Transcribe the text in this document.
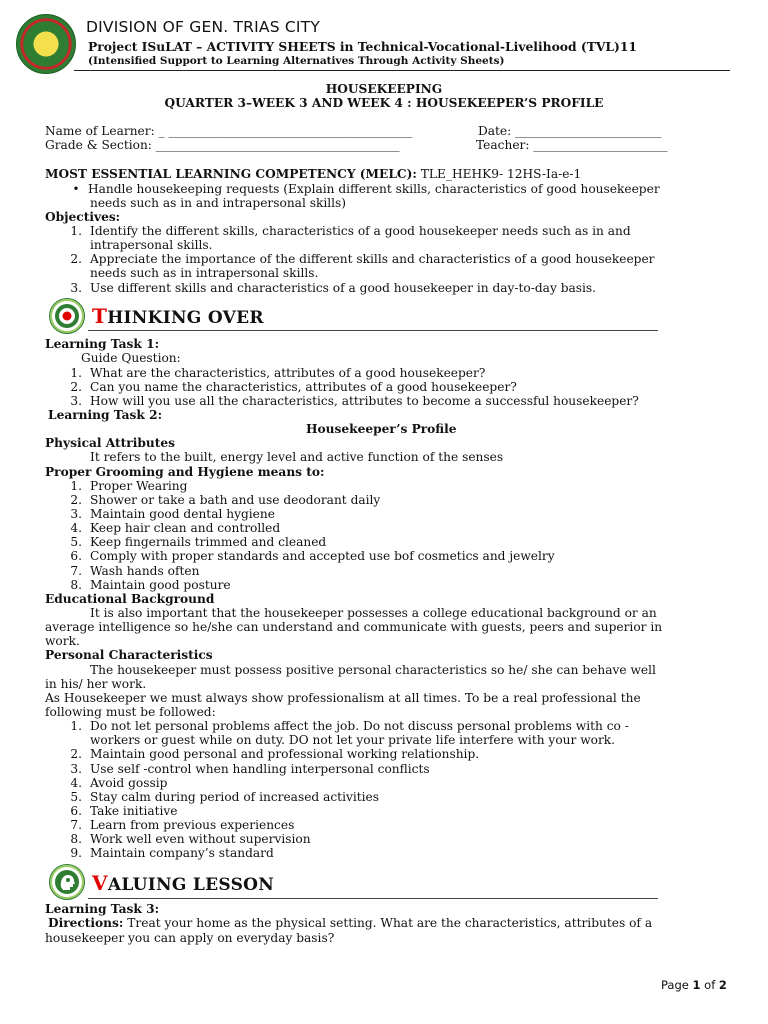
DIVISION OF GEN. TRIAS CITY
Project ISuLAT – ACTIVITY SHEETS in Technical-Vocational-Livelihood (TVL)11
(Intensified Support to Learning Alternatives Through Activity Sheets)
HOUSEKEEPING
QUARTER 3–WEEK 3 AND WEEK 4 : HOUSEKEEPER’S PROFILE
Name of Learner: _ ________________________________________	Date: ________________________
Grade & Section: ________________________________________	Teacher: ______________________
MOST ESSENTIAL LEARNING COMPETENCY (MELC): TLE_HEHK9- 12HS-Ia-e-1
• Handle housekeeping requests (Explain different skills, characteristics of good housekeeper
needs such as in and intrapersonal skills)
Objectives:
1. Identify the different skills, characteristics of a good housekeeper needs such as in and
intrapersonal skills.
2. Appreciate the importance of the different skills and characteristics of a good housekeeper
needs such as in intrapersonal skills.
3. Use different skills and characteristics of a good housekeeper in day-to-day basis.
THINKING OVER
Learning Task 1:
Guide Question:
1. What are the characteristics, attributes of a good housekeeper?
2. Can you name the characteristics, attributes of a good housekeeper?
3. How will you use all the characteristics, attributes to become a successful housekeeper?
Learning Task 2:
Housekeeper’s Profile
Physical Attributes
It refers to the built, energy level and active function of the senses
Proper Grooming and Hygiene means to:
1. Proper Wearing
2. Shower or take a bath and use deodorant daily
3. Maintain good dental hygiene
4. Keep hair clean and controlled
5. Keep fingernails trimmed and cleaned
6. Comply with proper standards and accepted use bof cosmetics and jewelry
7. Wash hands often
8. Maintain good posture
Educational Background
It is also important that the housekeeper possesses a college educational background or an
average intelligence so he/she can understand and communicate with guests, peers and superior in
work.
Personal Characteristics
The housekeeper must possess positive personal characteristics so he/ she can behave well
in his/ her work.
As Housekeeper we must always show professionalism at all times. To be a real professional the
following must be followed:
1. Do not let personal problems affect the job. Do not discuss personal problems with co -
workers or guest while on duty. DO not let your private life interfere with your work.
2. Maintain good personal and professional working relationship.
3. Use self -control when handling interpersonal conflicts
4. Avoid gossip
5. Stay calm during period of increased activities
6. Take initiative
7. Learn from previous experiences
8. Work well even without supervision
9. Maintain company’s standard
VALUING LESSON
Learning Task 3:
Directions: Treat your home as the physical setting. What are the characteristics, attributes of a
housekeeper you can apply on everyday basis?
Page 1 of 2
